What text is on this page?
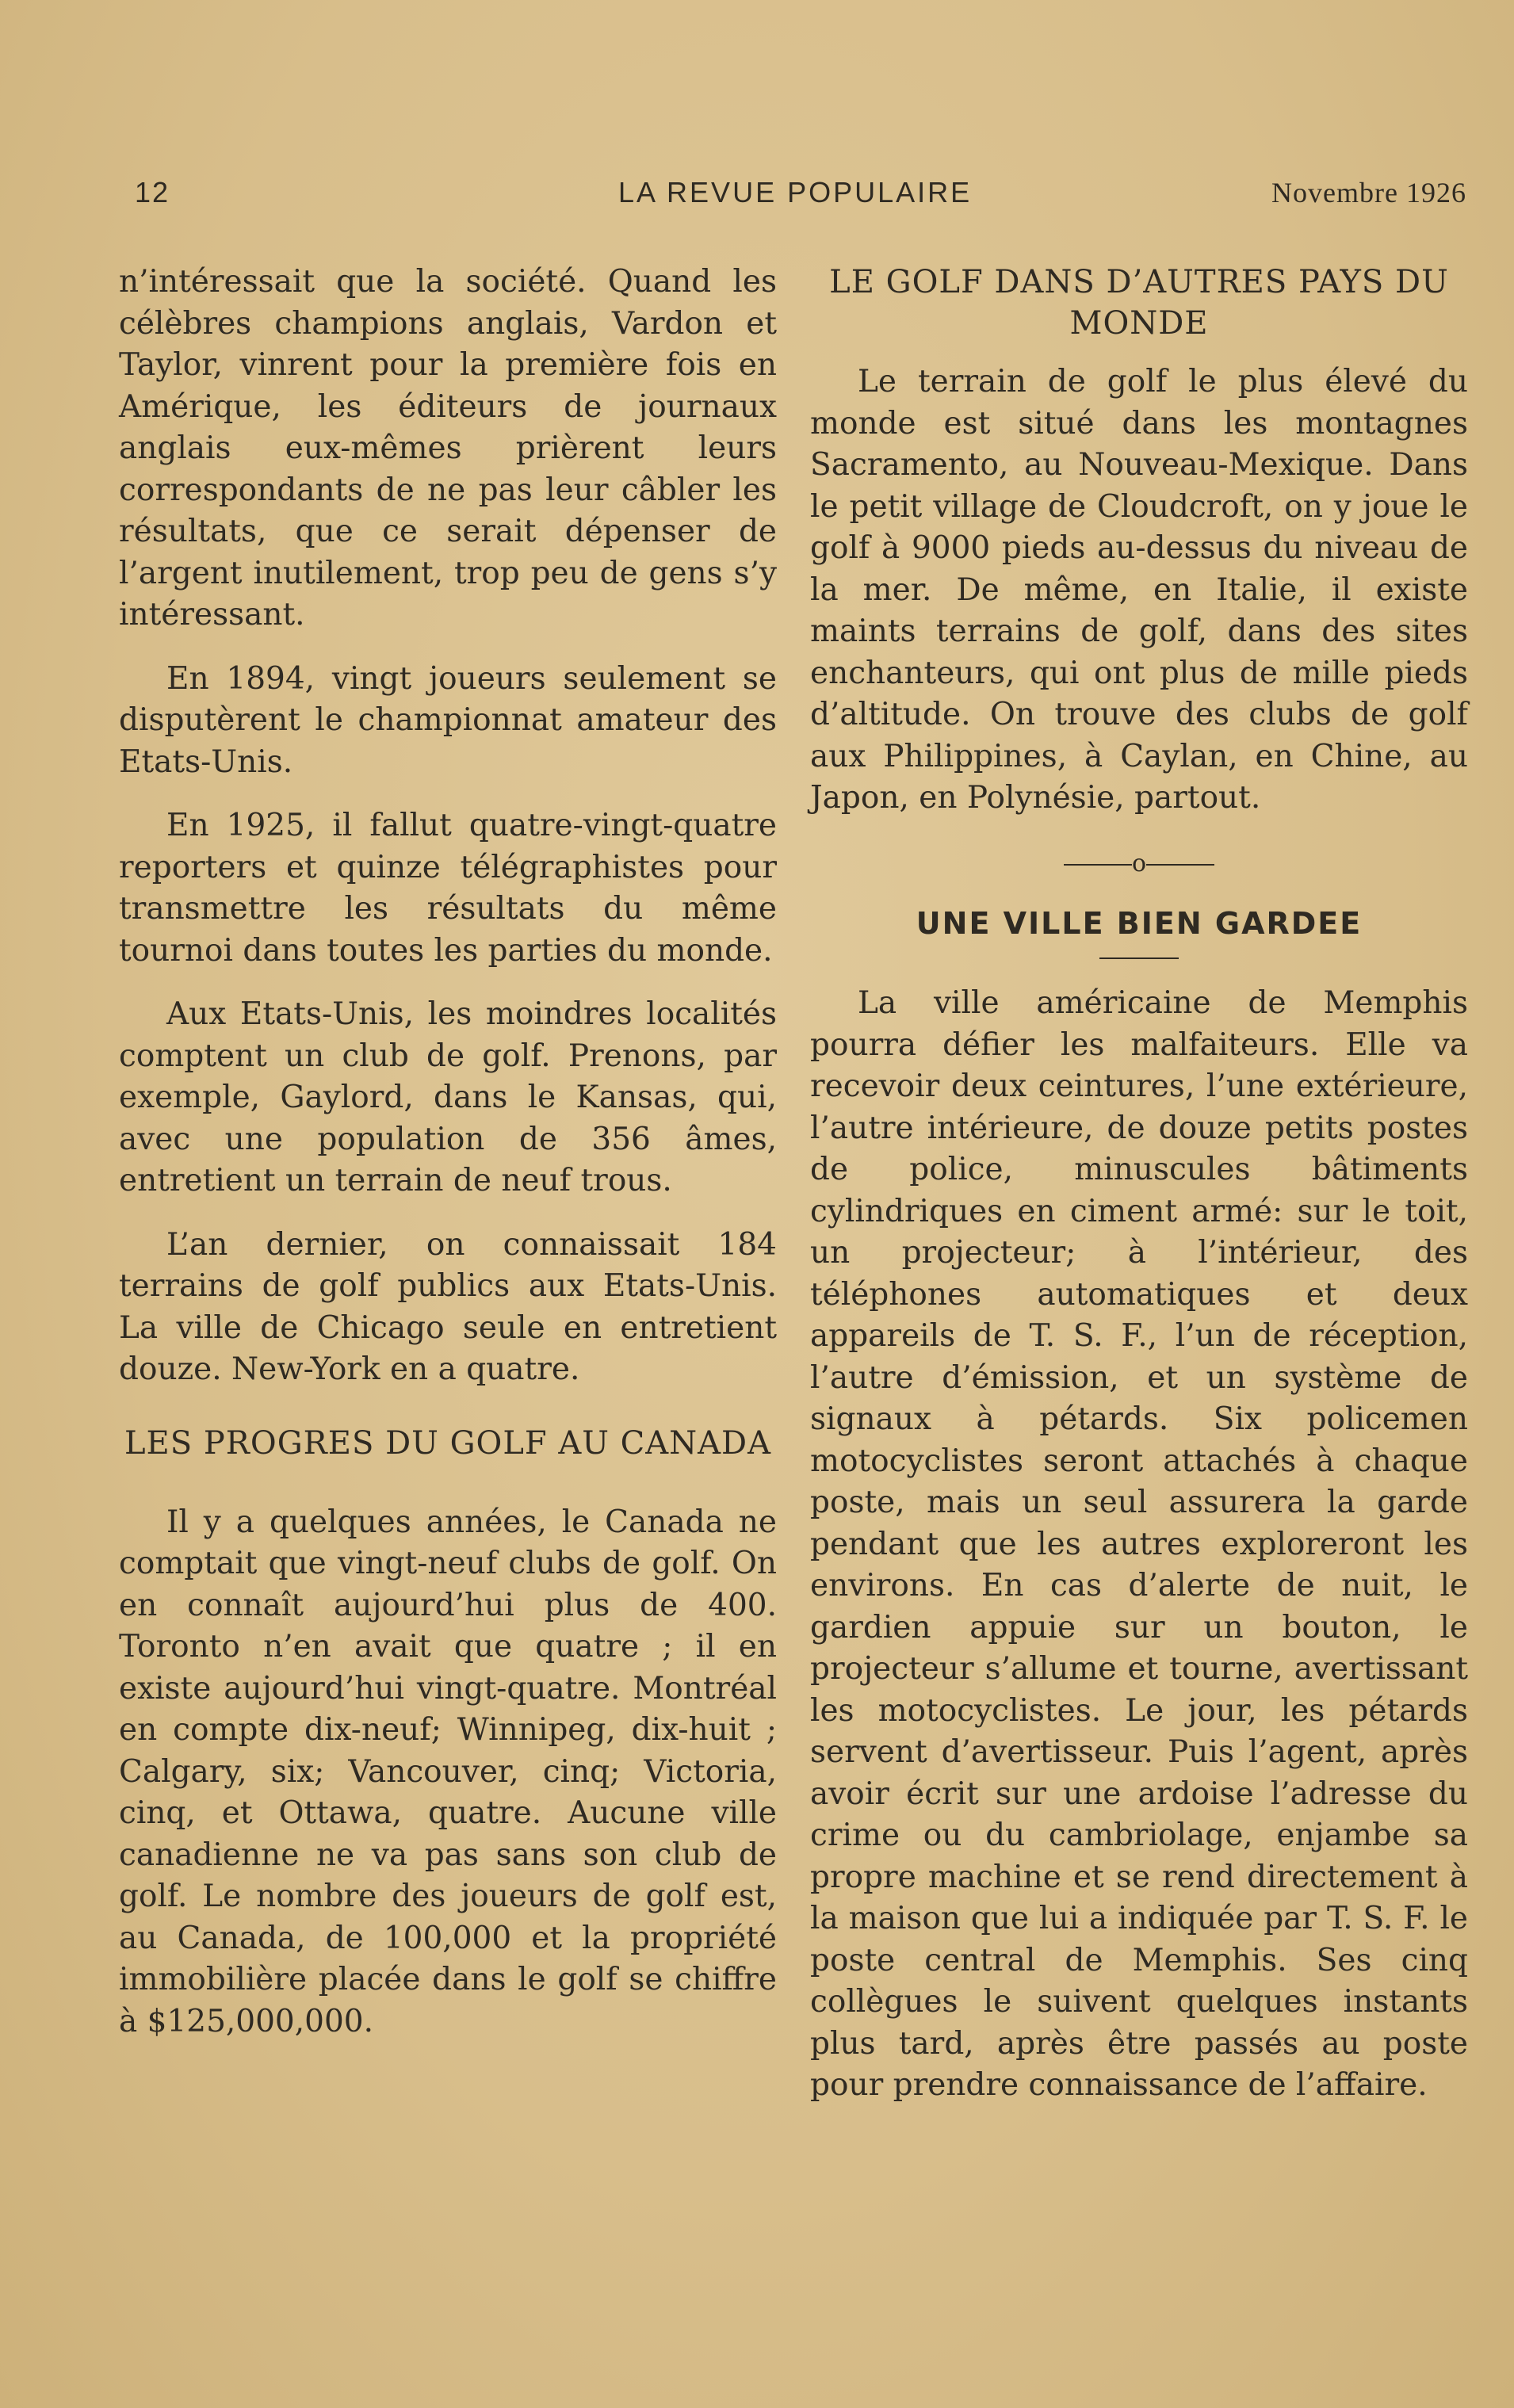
12	LA REVUE POPULAIRE	Novembre 1926

n’intéressait que la société. Quand les célèbres champions anglais, Vardon et Taylor, vinrent pour la première fois en Amérique, les éditeurs de journaux anglais eux-mêmes prièrent leurs correspondants de ne pas leur câbler les résultats, que ce serait dépenser de l’argent inutilement, trop peu de gens s’y intéressant.

En 1894, vingt joueurs seulement se disputèrent le championnat amateur des Etats-Unis.

En 1925, il fallut quatre-vingt-quatre reporters et quinze télégraphistes pour transmettre les résultats du même tournoi dans toutes les parties du monde.

Aux Etats-Unis, les moindres localités comptent un club de golf. Prenons, par exemple, Gaylord, dans le Kansas, qui, avec une population de 356 âmes, entretient un terrain de neuf trous.

L’an dernier, on connaissait 184 terrains de golf publics aux Etats-Unis. La ville de Chicago seule en entretient douze. New-York en a quatre.

LES PROGRES DU GOLF AU CANADA

Il y a quelques années, le Canada ne comptait que vingt-neuf clubs de golf. On en connaît aujourd’hui plus de 400. Toronto n’en avait que quatre ; il en existe aujourd’hui vingt-quatre. Montréal en compte dix-neuf; Winnipeg, dix-huit ; Calgary, six; Vancouver, cinq; Victoria, cinq, et Ottawa, quatre. Aucune ville canadienne ne va pas sans son club de golf. Le nombre des joueurs de golf est, au Canada, de 100,000 et la propriété immobilière placée dans le golf se chiffre à $125,000,000.

LE GOLF DANS D’AUTRES PAYS DU MONDE

Le terrain de golf le plus élevé du monde est situé dans les montagnes Sacramento, au Nouveau-Mexique. Dans le petit village de Cloudcroft, on y joue le golf à 9000 pieds au-dessus du niveau de la mer. De même, en Italie, il existe maints terrains de golf, dans des sites enchanteurs, qui ont plus de mille pieds d’altitude. On trouve des clubs de golf aux Philippines, à Caylan, en Chine, au Japon, en Polynésie, partout.

o
UNE VILLE BIEN GARDEE

La ville américaine de Memphis pourra défier les malfaiteurs. Elle va recevoir deux ceintures, l’une extérieure, l’autre intérieure, de douze petits postes de police, minuscules bâtiments cylindriques en ciment armé: sur le toit, un projecteur; à l’intérieur, des téléphones automatiques et deux appareils de T. S. F., l’un de réception, l’autre d’émission, et un système de signaux à pétards. Six policemen motocyclistes seront attachés à chaque poste, mais un seul assurera la garde pendant que les autres exploreront les environs. En cas d’alerte de nuit, le gardien appuie sur un bouton, le projecteur s’allume et tourne, avertissant les motocyclistes. Le jour, les pétards servent d’avertisseur. Puis l’agent, après avoir écrit sur une ardoise l’adresse du crime ou du cambriolage, enjambe sa propre machine et se rend directement à la maison que lui a indiquée par T. S. F. le poste central de Memphis. Ses cinq collègues le suivent quelques instants plus tard, après être passés au poste pour prendre connaissance de l’affaire.
